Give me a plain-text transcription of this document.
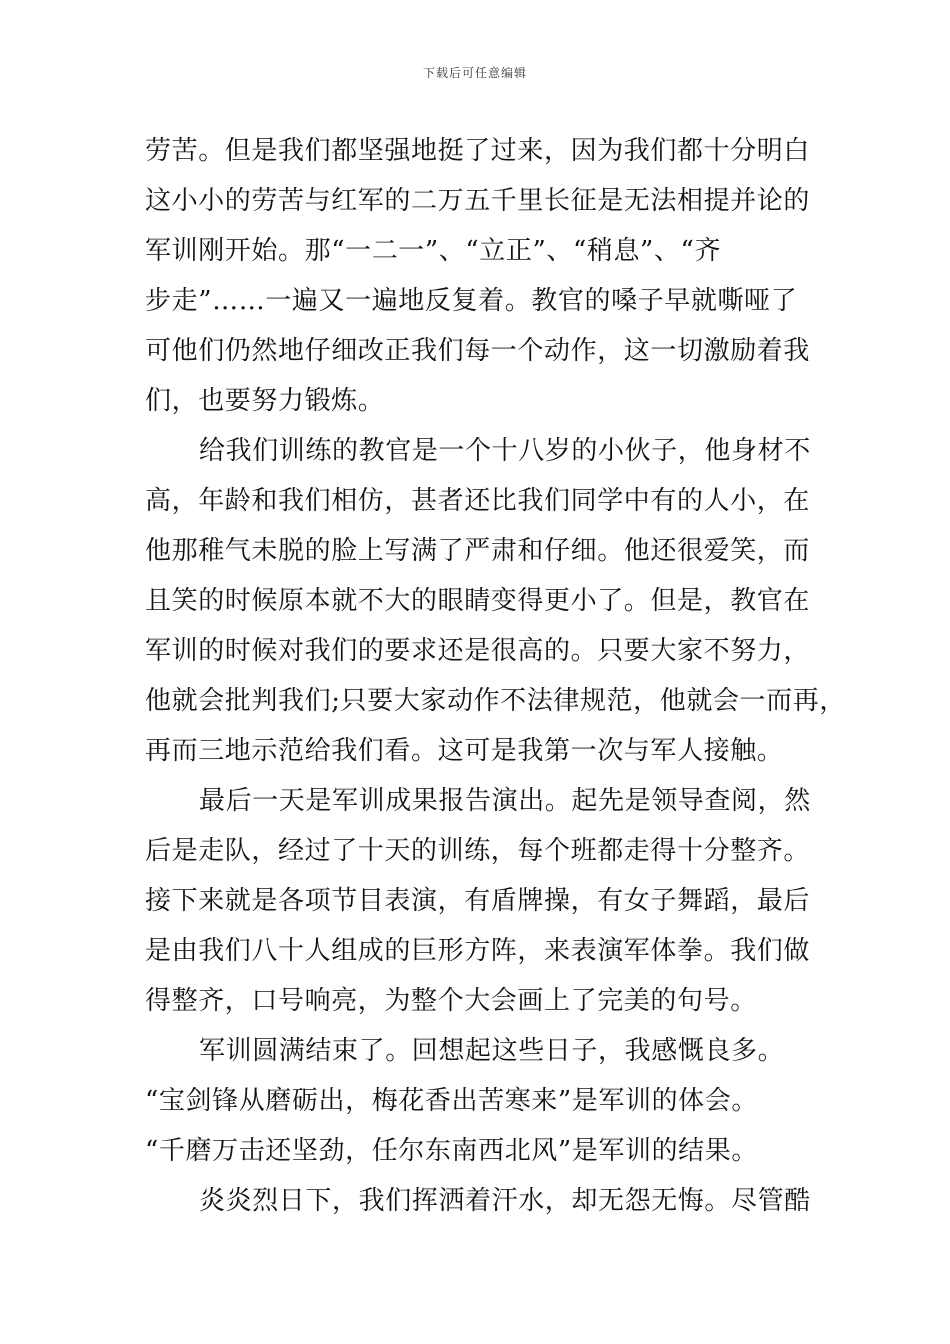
下载后可任意编辑
劳苦。但是我们都坚强地挺了过来，因为我们都十分明白
这小小的劳苦与红军的二万五千里长征是无法相提并论的
军训刚开始。那“一二一”、“立正”、“稍息”、“齐
步走”……一遍又一遍地反复着。教官的嗓子早就嘶哑了
可他们仍然地仔细改正我们每一个动作，这一切激励着我
们，也要努力锻炼。
给我们训练的教官是一个十八岁的小伙子，他身材不
高，年龄和我们相仿，甚者还比我们同学中有的人小，在
他那稚气未脱的脸上写满了严肃和仔细。他还很爱笑，而
且笑的时候原本就不大的眼睛变得更小了。但是，教官在
军训的时候对我们的要求还是很高的。只要大家不努力，
他就会批判我们;只要大家动作不法律规范，他就会一而再，
再而三地示范给我们看。这可是我第一次与军人接触。
最后一天是军训成果报告演出。起先是领导查阅，然
后是走队，经过了十天的训练，每个班都走得十分整齐。
接下来就是各项节目表演，有盾牌操，有女子舞蹈，最后
是由我们八十人组成的巨形方阵，来表演军体拳。我们做
得整齐，口号响亮，为整个大会画上了完美的句号。
军训圆满结束了。回想起这些日子，我感慨良多。
“宝剑锋从磨砺出，梅花香出苦寒来”是军训的体会。
“千磨万击还坚劲，任尔东南西北风”是军训的结果。
炎炎烈日下，我们挥洒着汗水，却无怨无悔。尽管酷
